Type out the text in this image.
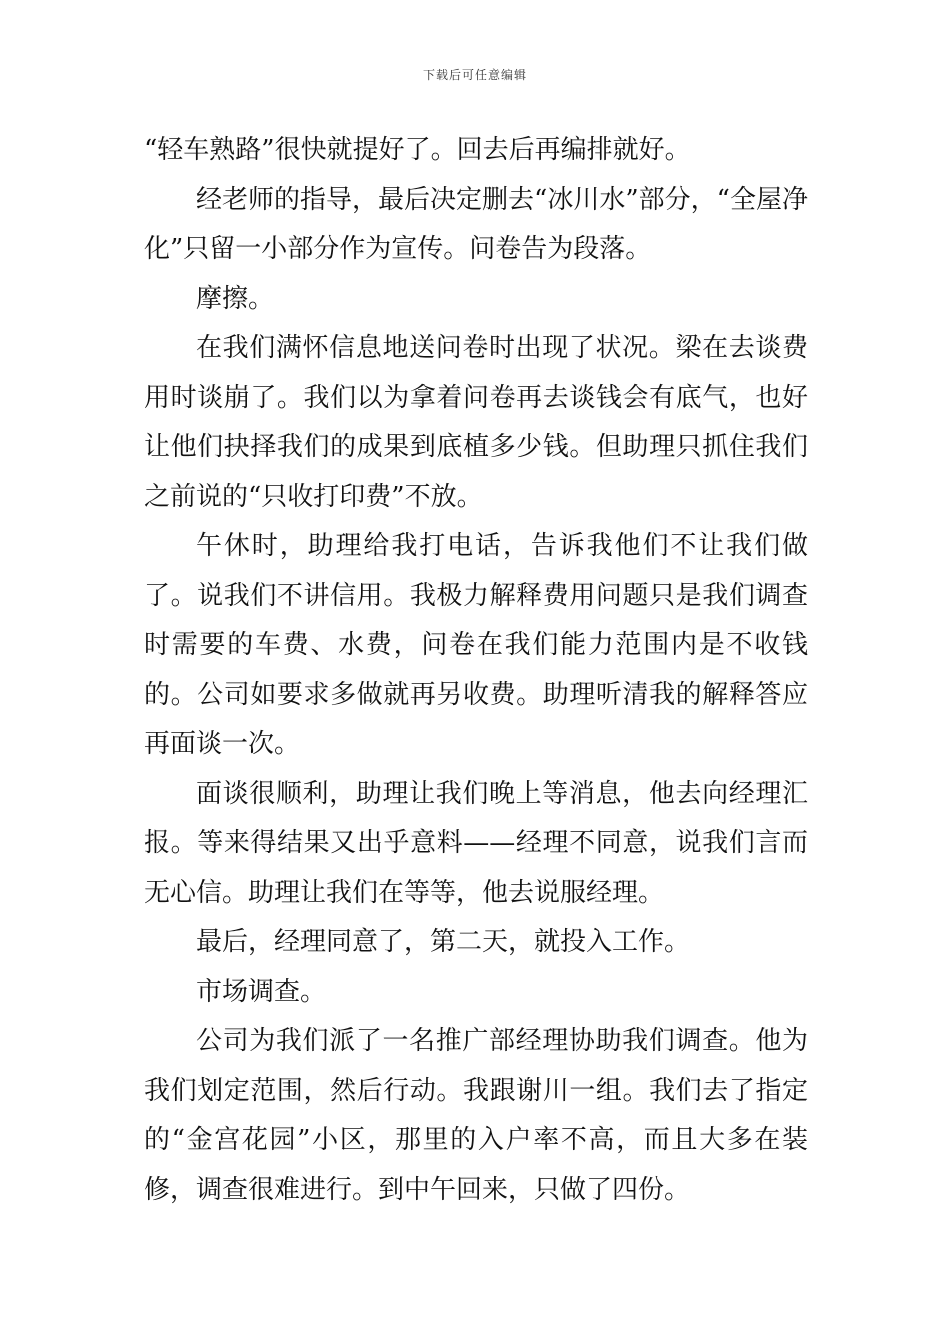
下载后可任意编辑

“轻车熟路”很快就提好了。回去后再编排就好。

经老师的指导，最后决定删去“冰川水”部分，“全屋净化”只留一小部分作为宣传。问卷告为段落。

摩擦。

在我们满怀信息地送问卷时出现了状况。梁在去谈费用时谈崩了。我们以为拿着问卷再去谈钱会有底气，也好让他们抉择我们的成果到底植多少钱。但助理只抓住我们之前说的“只收打印费”不放。

午休时，助理给我打电话，告诉我他们不让我们做了。说我们不讲信用。我极力解释费用问题只是我们调查时需要的车费、水费，问卷在我们能力范围内是不收钱的。公司如要求多做就再另收费。助理听清我的解释答应再面谈一次。

面谈很顺利，助理让我们晚上等消息，他去向经理汇报。等来得结果又出乎意料——经理不同意，说我们言而无心信。助理让我们在等等，他去说服经理。

最后，经理同意了，第二天，就投入工作。

市场调查。

公司为我们派了一名推广部经理协助我们调查。他为我们划定范围，然后行动。我跟谢川一组。我们去了指定的“金宫花园”小区，那里的入户率不高，而且大多在装修，调查很难进行。到中午回来，只做了四份。
